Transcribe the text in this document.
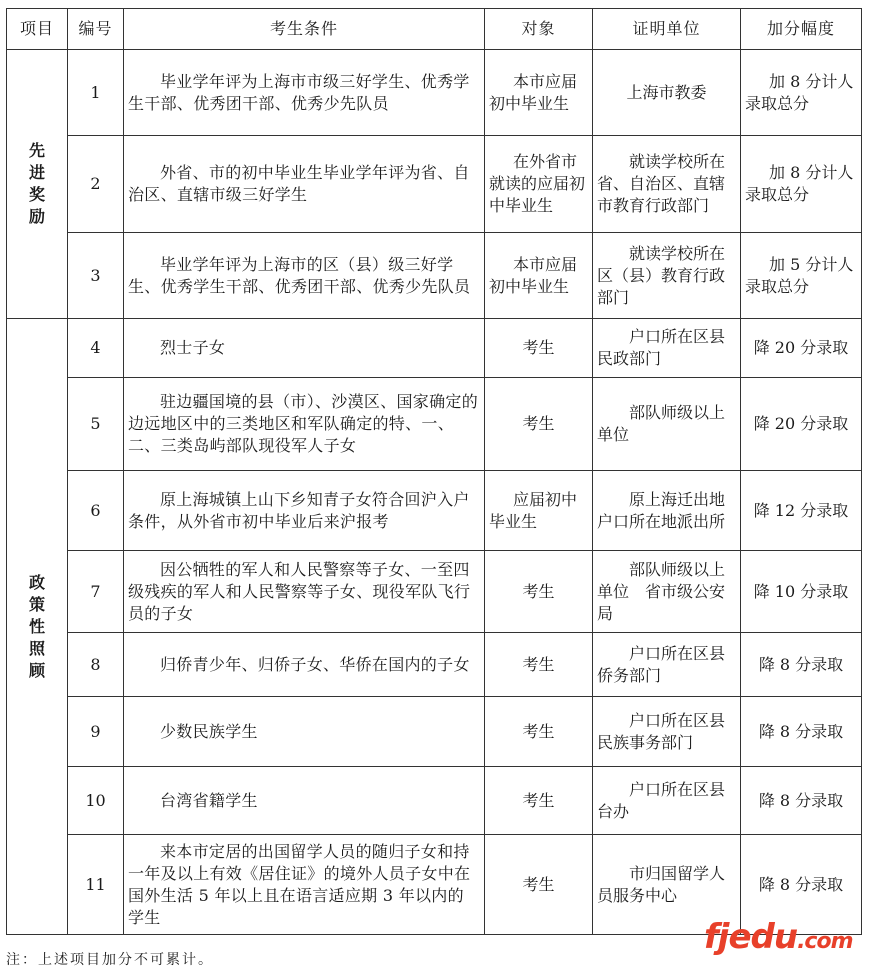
项目	编号	考生条件	对象	证明单位	加分幅度
先进奖励	1	毕业学年评为上海市市级三好学生、优秀学生干部、优秀团干部、优秀少先队员	本市应届初中毕业生	上海市教委	加 8 分计人录取总分
	2	外省、市的初中毕业生毕业学年评为省、自治区、直辖市级三好学生	在外省市就读的应届初中毕业生	就读学校所在省、自治区、直辖市教育行政部门	加 8 分计人录取总分
	3	毕业学年评为上海市的区（县）级三好学生、优秀学生干部、优秀团干部、优秀少先队员	本市应届初中毕业生	就读学校所在区（县）教育行政部门	加 5 分计人录取总分
政策性照顾	4	烈士子女	考生	户口所在区县民政部门	降 20 分录取
	5	驻边疆国境的县（市）、沙漠区、国家确定的边远地区中的三类地区和军队确定的特、一、二、三类岛屿部队现役军人子女	考生	部队师级以上单位	降 20 分录取
	6	原上海城镇上山下乡知青子女符合回沪入户条件，从外省市初中毕业后来沪报考	应届初中毕业生	原上海迁出地户口所在地派出所	降 12 分录取
	7	因公牺牲的军人和人民警察等子女、一至四级残疾的军人和人民警察等子女、现役军队飞行员的子女	考生	部队师级以上单位　省市级公安局	降 10 分录取
	8	归侨青少年、归侨子女、华侨在国内的子女	考生	户口所在区县侨务部门	降 8 分录取
	9	少数民族学生	考生	户口所在区县民族事务部门	降 8 分录取
	10	台湾省籍学生	考生	户口所在区县台办	降 8 分录取
	11	来本市定居的出国留学人员的随归子女和持一年及以上有效《居住证》的境外人员子女中在国外生活 5 年以上且在语言适应期 3 年以内的学生	考生	市归国留学人员服务中心	降 8 分录取
注：上述项目加分不可累计。
fjedu.com
